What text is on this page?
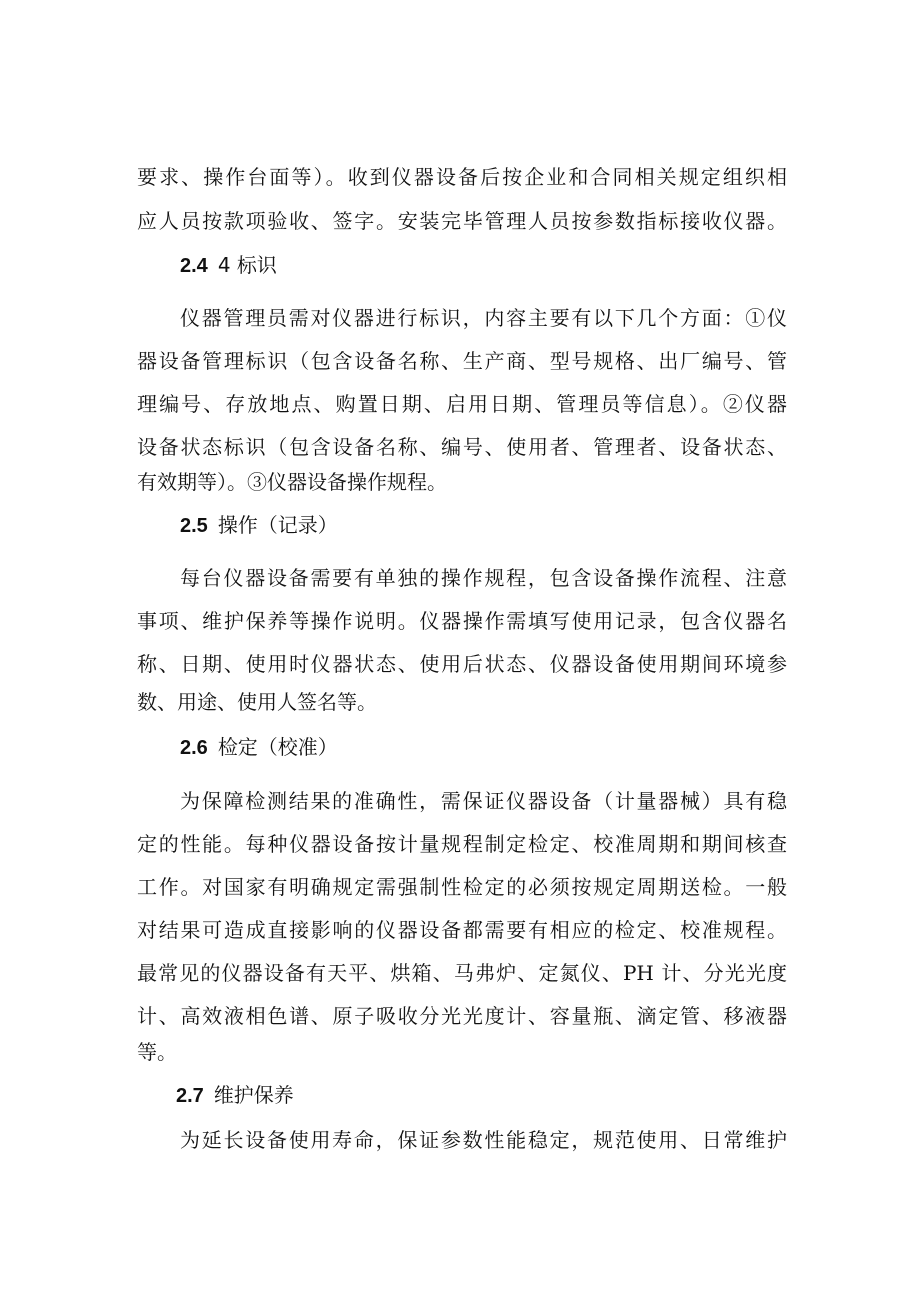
要求、操作台面等）。收到仪器设备后按企业和合同相关规定组织相
应人员按款项验收、签字。安装完毕管理人员按参数指标接收仪器。
2.4 4 标识
仪器管理员需对仪器进行标识，内容主要有以下几个方面：①仪
器设备管理标识（包含设备名称、生产商、型号规格、出厂编号、管
理编号、存放地点、购置日期、启用日期、管理员等信息）。②仪器
设备状态标识（包含设备名称、编号、使用者、管理者、设备状态、
有效期等）。③仪器设备操作规程。
2.5 操作（记录）
每台仪器设备需要有单独的操作规程，包含设备操作流程、注意
事项、维护保养等操作说明。仪器操作需填写使用记录，包含仪器名
称、日期、使用时仪器状态、使用后状态、仪器设备使用期间环境参
数、用途、使用人签名等。
2.6 检定（校准）
为保障检测结果的准确性，需保证仪器设备（计量器械）具有稳
定的性能。每种仪器设备按计量规程制定检定、校准周期和期间核查
工作。对国家有明确规定需强制性检定的必须按规定周期送检。一般
对结果可造成直接影响的仪器设备都需要有相应的检定、校准规程。
最常见的仪器设备有天平、烘箱、马弗炉、定氮仪、PH 计、分光光度
计、高效液相色谱、原子吸收分光光度计、容量瓶、滴定管、移液器
等。
2.7 维护保养
为延长设备使用寿命，保证参数性能稳定，规范使用、日常维护
